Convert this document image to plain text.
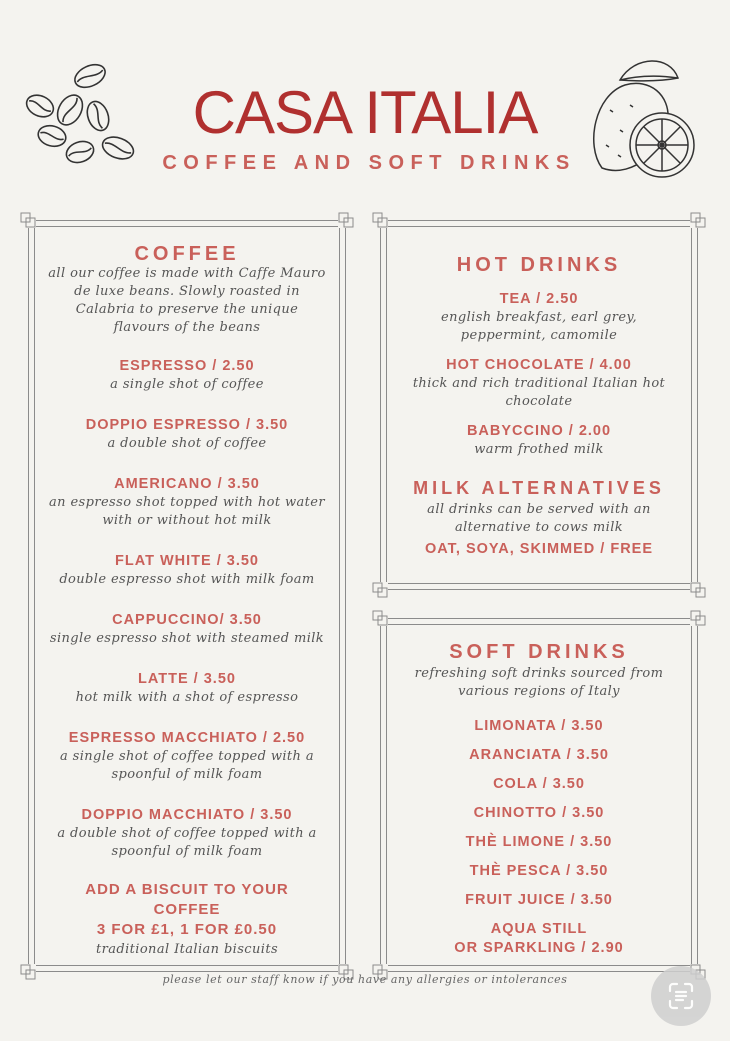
CASA ITALIA
COFFEE AND SOFT DRINKS
COFFEE
all our coffee is made with Caffe Mauro
de luxe beans. Slowly roasted in
Calabria to preserve the unique
flavours of the beans
ESPRESSO / 2.50
a single shot of coffee
DOPPIO ESPRESSO / 3.50
a double shot of coffee
AMERICANO / 3.50
an espresso shot topped with hot water
with or without hot milk
FLAT WHITE / 3.50
double espresso shot with milk foam
CAPPUCCINO/ 3.50
single espresso shot with steamed milk
LATTE / 3.50
hot milk with a shot of espresso
ESPRESSO MACCHIATO / 2.50
a single shot of coffee topped with a
spoonful of milk foam
DOPPIO MACCHIATO / 3.50
a double shot of coffee topped with a
spoonful of milk foam
ADD A BISCUIT TO YOUR
COFFEE
3 FOR £1, 1 FOR £0.50
traditional Italian biscuits
HOT DRINKS
TEA / 2.50
english breakfast, earl grey,
peppermint, camomile
HOT CHOCOLATE / 4.00
thick and rich traditional Italian hot
chocolate
BABYCCINO / 2.00
warm frothed milk
MILK ALTERNATIVES
all drinks can be served with an
alternative to cows milk
OAT, SOYA, SKIMMED / FREE
SOFT DRINKS
refreshing soft drinks sourced from
various regions of Italy
LIMONATA / 3.50
ARANCIATA / 3.50
COLA / 3.50
CHINOTTO / 3.50
THÈ LIMONE / 3.50
THÈ PESCA / 3.50
FRUIT JUICE / 3.50
AQUA STILL
OR SPARKLING / 2.90
please let our staff know if you have any allergies or intolerances
